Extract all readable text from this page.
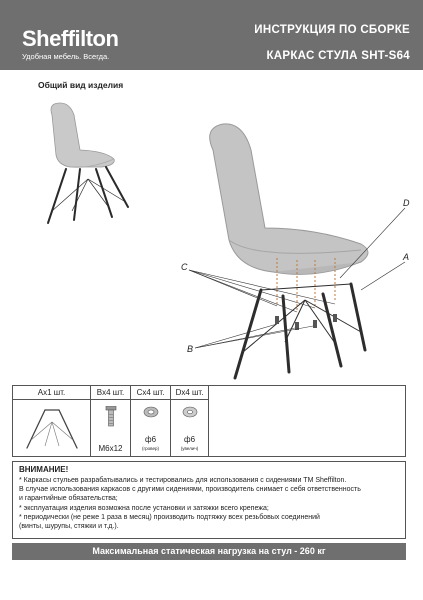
Sheffilton
Удобная мебель. Всегда.
ИНСТРУКЦИЯ ПО СБОРКЕ
КАРКАС СТУЛА SHT-S64
Общий вид изделия
D
A
C
B
Ax1 шт.	Bx4 шт.
M6x12
Cx4 шт.
ф6
(гровер)
Dx4 шт.
ф6
(увелич)
ВНИМАНИЕ!
* Каркасы стульев разрабатывались и тестировались для использования с сидениями TM Sheffilton.
В случае использования каркасов с другими сидениями, производитель снимает с себя ответственность
и гарантийные обязательства;
* эксплуатация изделия возможна после установки и затяжки всего крепежа;
* периодически (не реже 1 раза в месяц) производить подтяжку всех резьбовых соединений
(винты, шурупы, стяжки и т.д.).
Максимальная статическая нагрузка на стул - 260 кг
